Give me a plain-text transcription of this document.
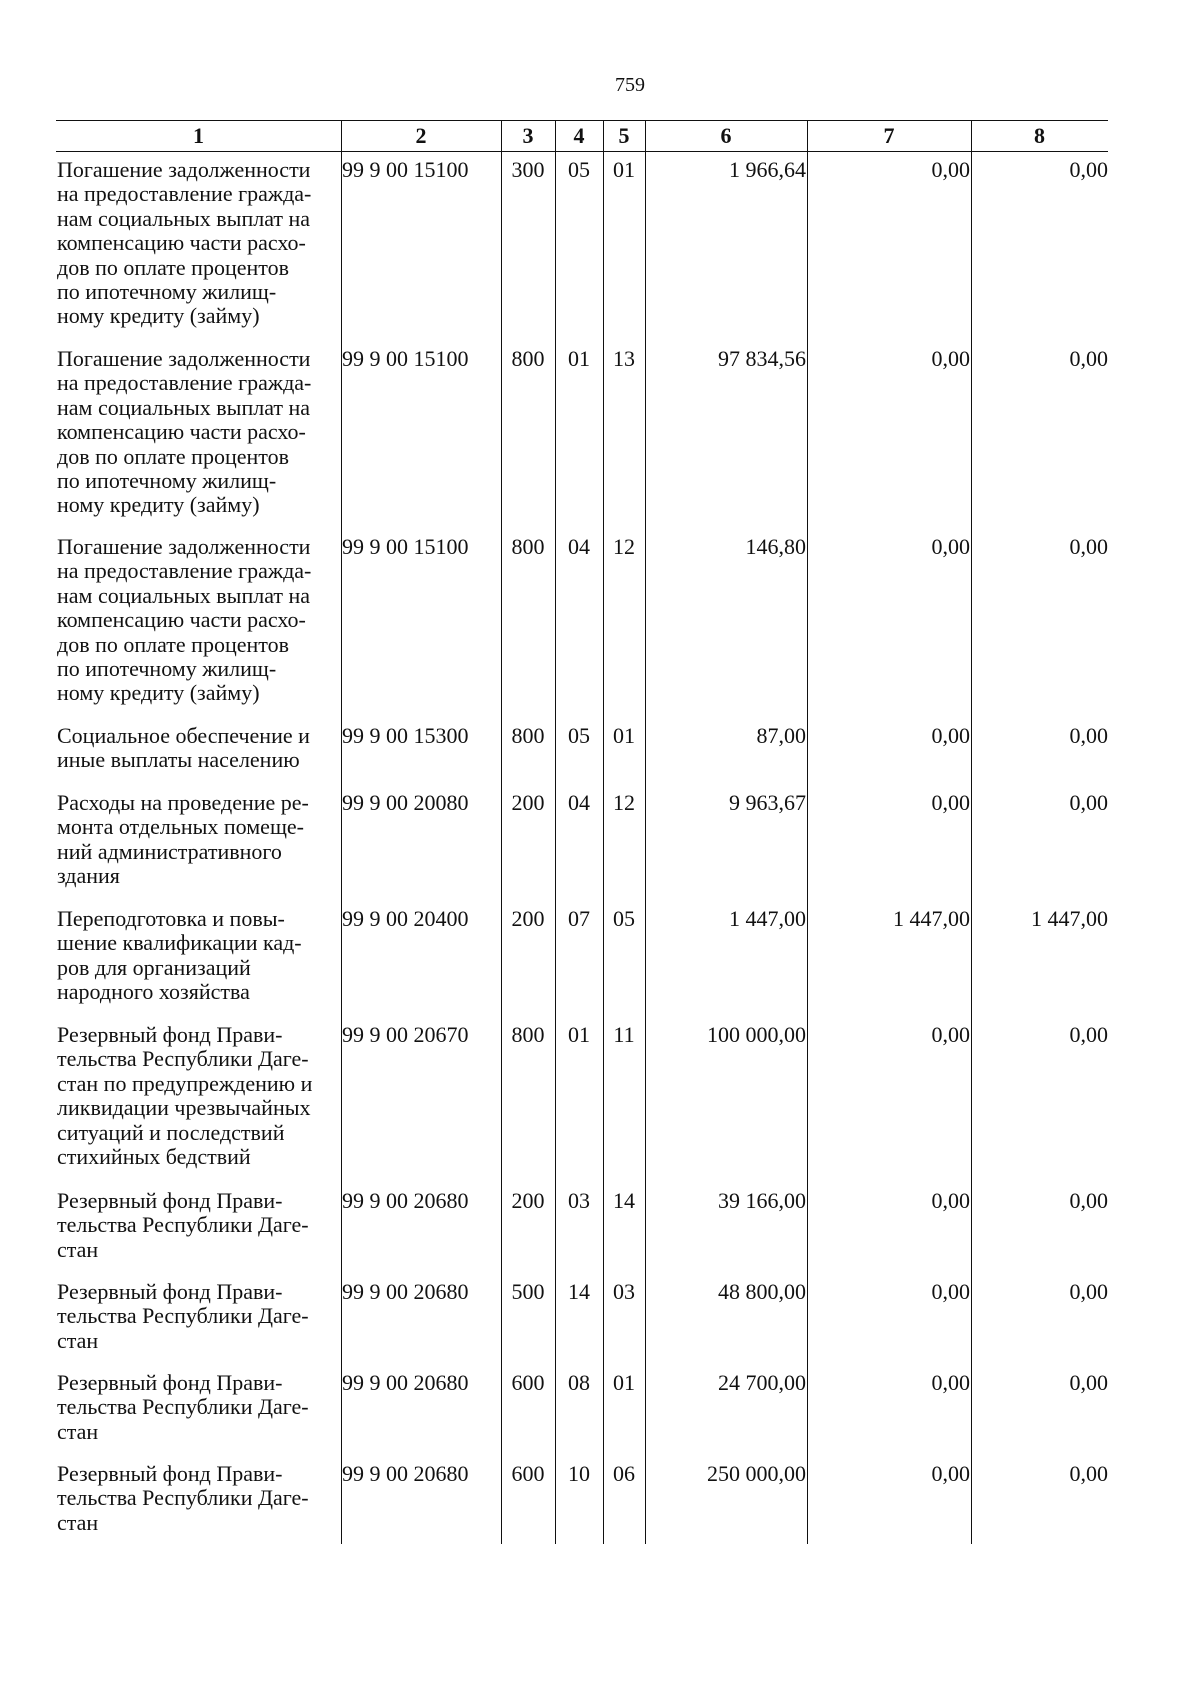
759
1	2	3	4	5	6	7	8
Погашение задолженности
на предоставление гражда-
нам социальных выплат на
компенсацию части расхо-
дов по оплате процентов
по ипотечному жилищ-
ному кредиту (займу)
99 9 00 15100	300	05	01	1 966,64	0,00	0,00
Погашение задолженности
на предоставление гражда-
нам социальных выплат на
компенсацию части расхо-
дов по оплате процентов
по ипотечному жилищ-
ному кредиту (займу)
99 9 00 15100	800	01	13	97 834,56	0,00	0,00
Погашение задолженности
на предоставление гражда-
нам социальных выплат на
компенсацию части расхо-
дов по оплате процентов
по ипотечному жилищ-
ному кредиту (займу)
99 9 00 15100	800	04	12	146,80	0,00	0,00
Социальное обеспечение и
иные выплаты населению
99 9 00 15300	800	05	01	87,00	0,00	0,00
Расходы на проведение ре-
монта отдельных помеще-
ний административного
здания
99 9 00 20080	200	04	12	9 963,67	0,00	0,00
Переподготовка и повы-
шение квалификации кад-
ров для организаций
народного хозяйства
99 9 00 20400	200	07	05	1 447,00	1 447,00	1 447,00
Резервный фонд Прави-
тельства Республики Даге-
стан по предупреждению и
ликвидации чрезвычайных
ситуаций и последствий
стихийных бедствий
99 9 00 20670	800	01	11	100 000,00	0,00	0,00
Резервный фонд Прави-
тельства Республики Даге-
стан
99 9 00 20680	200	03	14	39 166,00	0,00	0,00
Резервный фонд Прави-
тельства Республики Даге-
стан
99 9 00 20680	500	14	03	48 800,00	0,00	0,00
Резервный фонд Прави-
тельства Республики Даге-
стан
99 9 00 20680	600	08	01	24 700,00	0,00	0,00
Резервный фонд Прави-
тельства Республики Даге-
стан
99 9 00 20680	600	10	06	250 000,00	0,00	0,00
